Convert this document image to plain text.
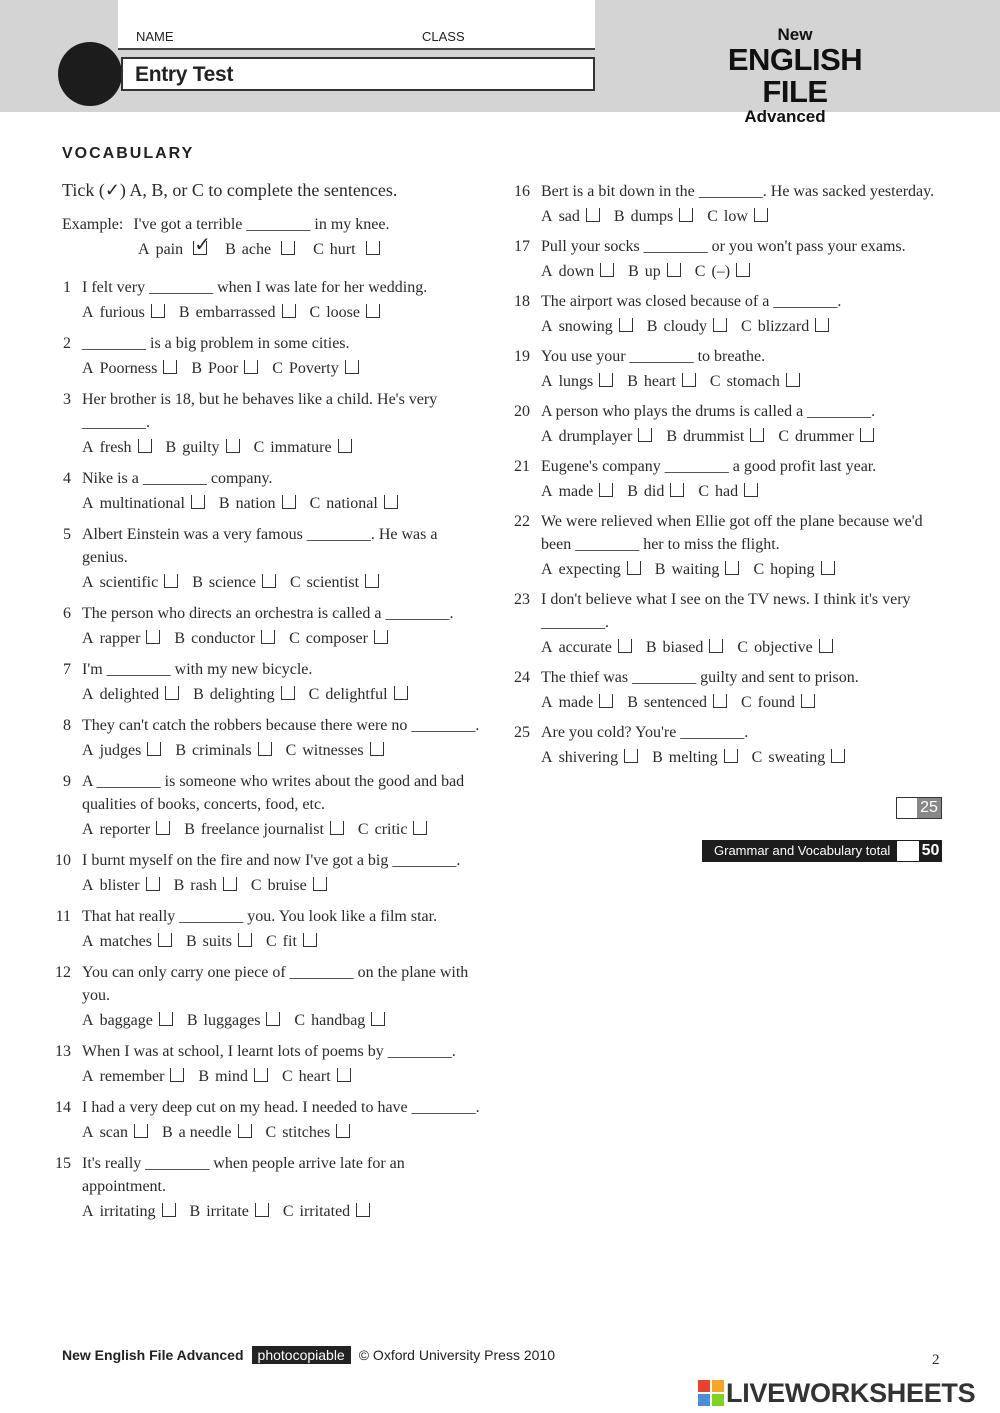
NAME	CLASS
Entry Test
New
ENGLISH FILE
Advanced
VOCABULARY
Tick (✓) A, B, or C to complete the sentences.
Example: I've got a terrible ________ in my knee.
A pain ✓ B ache	C hurt
1 I felt very ________ when I was late for her wedding.
A furious B embarrassed C loose
2 ________ is a big problem in some cities.
A Poorness B Poor C Poverty
3 Her brother is 18, but he behaves like a child. He's very ________.
A fresh B guilty C immature
4 Nike is a ________ company.
A multinational B nation C national
5 Albert Einstein was a very famous ________. He was a genius.
A scientific B science C scientist
6 The person who directs an orchestra is called a ________.
A rapper B conductor C composer
7 I'm ________ with my new bicycle.
A delighted B delighting C delightful
8 They can't catch the robbers because there were no ________.
A judges B criminals C witnesses
9 A ________ is someone who writes about the good and bad qualities of books, concerts, food, etc.
A reporter B freelance journalist C critic
10 I burnt myself on the fire and now I've got a big ________.
A blister B rash C bruise
11 That hat really ________ you. You look like a film star.
A matches B suits C fit
12 You can only carry one piece of ________ on the plane with you.
A baggage B luggages C handbag
13 When I was at school, I learnt lots of poems by ________.
A remember B mind C heart
14 I had a very deep cut on my head. I needed to have ________.
A scan B a needle C stitches
15 It's really ________ when people arrive late for an appointment.
A irritating B irritate C irritated
16 Bert is a bit down in the ________. He was sacked yesterday.
A sad B dumps C low
17 Pull your socks ________ or you won't pass your exams.
A down B up C (–)
18 The airport was closed because of a ________.
A snowing B cloudy C blizzard
19 You use your ________ to breathe.
A lungs B heart C stomach
20 A person who plays the drums is called a ________.
A drumplayer B drummist C drummer
21 Eugene's company ________ a good profit last year.
A made B did C had
22 We were relieved when Ellie got off the plane because we'd been ________ her to miss the flight.
A expecting B waiting C hoping
23 I don't believe what I see on the TV news. I think it's very ________.
A accurate B biased C objective
24 The thief was ________ guilty and sent to prison.
A made B sentenced C found
25 Are you cold? You're ________.
A shivering B melting C sweating
25
Grammar and Vocabulary total 50
New English File Advanced photocopiable © Oxford University Press 2010	2
LIVEWORKSHEETS
